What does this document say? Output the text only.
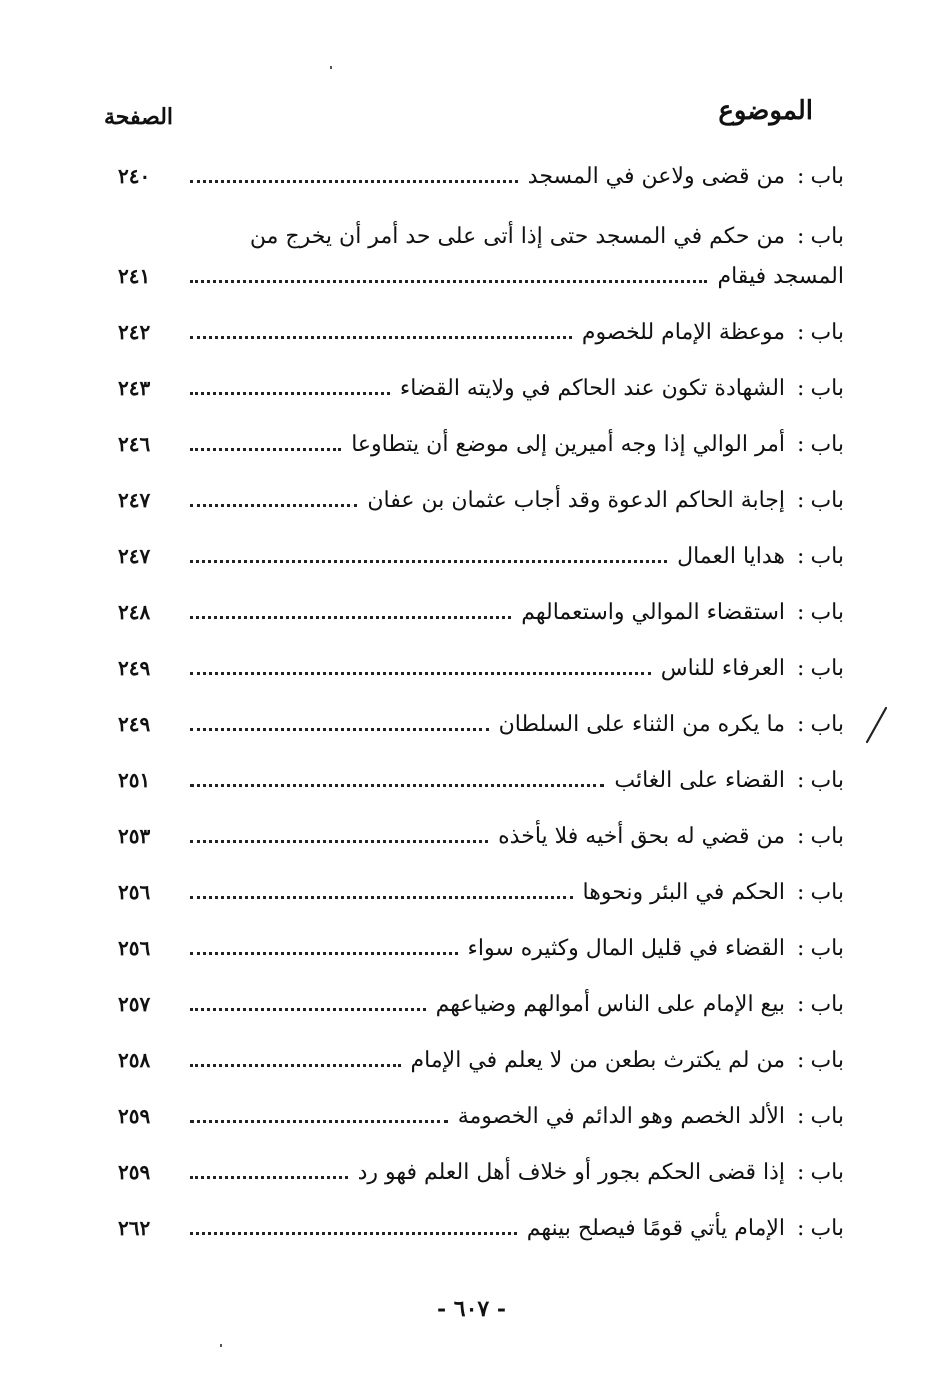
الموضوع
الصفحة
باب:من قضى ولاعن في المسجد
٢٤٠
باب:من حكم في المسجد حتى إذا أتى على حد أمر أن يخرج من
المسجد فيقام
٢٤١
باب:موعظة الإمام للخصوم
٢٤٢
باب:الشهادة تكون عند الحاكم في ولايته القضاء
٢٤٣
باب:أمر الوالي إذا وجه أميرين إلى موضع أن يتطاوعا
٢٤٦
باب:إجابة الحاكم الدعوة وقد أجاب عثمان بن عفان
٢٤٧
باب:هدايا العمال
٢٤٧
باب:استقضاء الموالي واستعمالهم
٢٤٨
باب:العرفاء للناس
٢٤٩
باب:ما يكره من الثناء على السلطان
٢٤٩
باب:القضاء على الغائب
٢٥١
باب:من قضي له بحق أخيه فلا يأخذه
٢٥٣
باب:الحكم في البئر ونحوها
٢٥٦
باب:القضاء في قليل المال وكثيره سواء
٢٥٦
باب:بيع الإمام على الناس أموالهم وضياعهم
٢٥٧
باب:من لم يكترث بطعن من لا يعلم في الإمام
٢٥٨
باب:الألد الخصم وهو الدائم في الخصومة
٢٥٩
باب:إذا قضى الحكم بجور أو خلاف أهل العلم فهو رد
٢٥٩
باب:الإمام يأتي قومًا فيصلح بينهم
٢٦٢
- ٦٠٧ -
